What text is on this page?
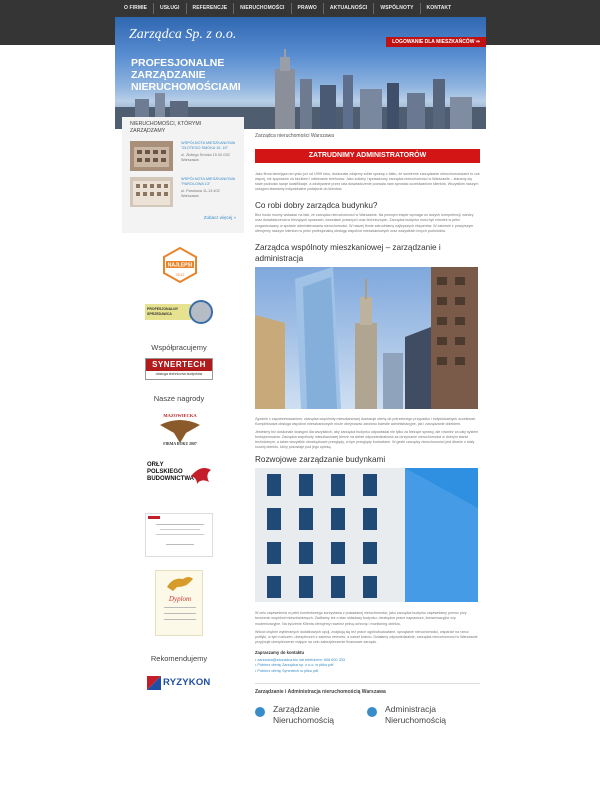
O FIRMIE	USŁUGI	REFERENCJE	NIERUCHOMOŚCI	PRAWO	AKTUALNOŚCI	WSPÓLNOTY	KONTAKT
Zarządca Sp. z o.o.
PROFESJONALNE ZARZĄDZANIE NIERUCHOMOŚCIAMI
LOGOWANIE DLA MIESZKAŃCÓW ⇒
NIERUCHOMOŚCI, KTÓRYMI ZARZĄDZAMY
WSPÓLNOTA MIESZKANIOWA "ZŁOTEGO SMOKA 15, 15"
ul. Złotego Smoka 15 02-032 Warszawa
WSPÓLNOTA MIESZKANIOWA "PAROLOWA 13"
ul. Parolowa 11-13 402 Warszawa
Zobacz więcej »
NAJLEPSI
2012
PROFESJONALNY SPRZEDAWCA
Współpracujemy
SYNERTECH
obsługa techniczna budynków
Nasze nagrody
MAZOWIECKA
FIRMA ROKU 2007
ORŁY
POLSKIEGO
BUDOWNICTWA
Dyplom
Rekomendujemy
RYZYKON
Zarządca nieruchomości Warszawa
ZATRUDNIMY ADMINISTRATORÓW
Jako firma istniejąca na rynku już od 1999 roku, doskonale zdajemy sobie sprawę z faktu, że sumienne zarządzanie nieruchomościami to coś więcej, niż spędzanie za biurkiem i odbieranie telefonów. Jako solidny i sprawdzony zarządca nieruchomości w Warszawie – staramy się stale podnosić swoje kwalifikacje, a zdobywane przez lata doświadczenie pozwala nam sprostać oczekiwaniom klientów. Wszystkim naszym usługom stawiamy indywidualne podejście do klientów.
Co robi dobry zarządca budynku?
Bez hustu możny wskazać na fakt, że zarządca nieruchomości w Warszawie. Na pewnym etapie wymaga on dużych kompetencji, wiedzy oraz doświadczenia w bieżących sprawach, kwestiach prawnych oraz technicznych. Zarządca budynku musi być również w pełni zorganizowany w sprawie administrowania nieruchomości. W naszej firmie zatrudniamy najlepszych ekspertów. W zakresie z powyższym oferujemy naszym klientom w pełni profesjonalną obsługę wspólnot mieszkaniowych oraz wszystkich innych podmiotów.
Zarządca wspólnoty mieszkaniowej – zarządzanie i administracja
Zgodnie z zapotrzebowaniem, zarządca wspólnoty mieszkaniowej dostosuje ofertę do potrzebnego przypadku i indywidualnych oczekiwań. Kompleksowa obsługa wspólnot mieszkaniowych może obejmować zarówno kwestie administracyjne, jak i zarządzanie obiektem.
Jesteśmy też doskonale dostępni dla wszystkich, aby zarządca budynku odpowiadał nie tylko za bieżące sprawy, ale również za cały system funkcjonowania. Zarządca wspólnoty mieszkaniowej bierze na siebie odpowiedzialność za utrzymanie nieruchomości w dobrym stanie technicznym, a także wszystkie obowiązkowe przeglądy, w tym przeglądy budowlane. W gestii zarządcy nieruchomości jest dbanie o stały rozwój obiektu, który pozostaje pod jego opieką.
Rozwojowe zarządzanie budynkami
W celu zapewnienia w pełni komfortowego korzystania z posiadanej nieruchomości, jako zarządca budynku zapewniamy pomoc przy tworzeniu wspólnot mieszkaniowych. Zadbamy też o stan składowy budynku, niezbędne prace naprawcze, konserwacyjne czy modernizacyjne. Na życzenie Klienta oferujemy również pełną ochronę i monitoring obiektu.
Wśród chętnie wybieranych dodatkowych opcji, znajdują się też prace ogólnobudowlane, sprzątanie nieruchomości, wsparcie na rzecz polityki, w tym rozliczeń, ubezpieczeń z zakresu remontu, a nawet kosmo. Działamy odpowiedzialnie, zarządca nieruchomości w Warszawie przyjmuje ubezpieczenie mające na celu zabezpieczenie finansowe zarządu.
Zapraszamy do kontaktu
• zarzadca@zarzadca.biz lub telefonem: 608 600 333
• Pobierz ofertę Zarządca sp. z o.o. w pliku pdf
• Pobierz ofertę Synertech w pliku pdf
Zarządzanie i Administracja nieruchomością Warszawa
Zarządzanie Nieruchomością
Administracja Nieruchomością
